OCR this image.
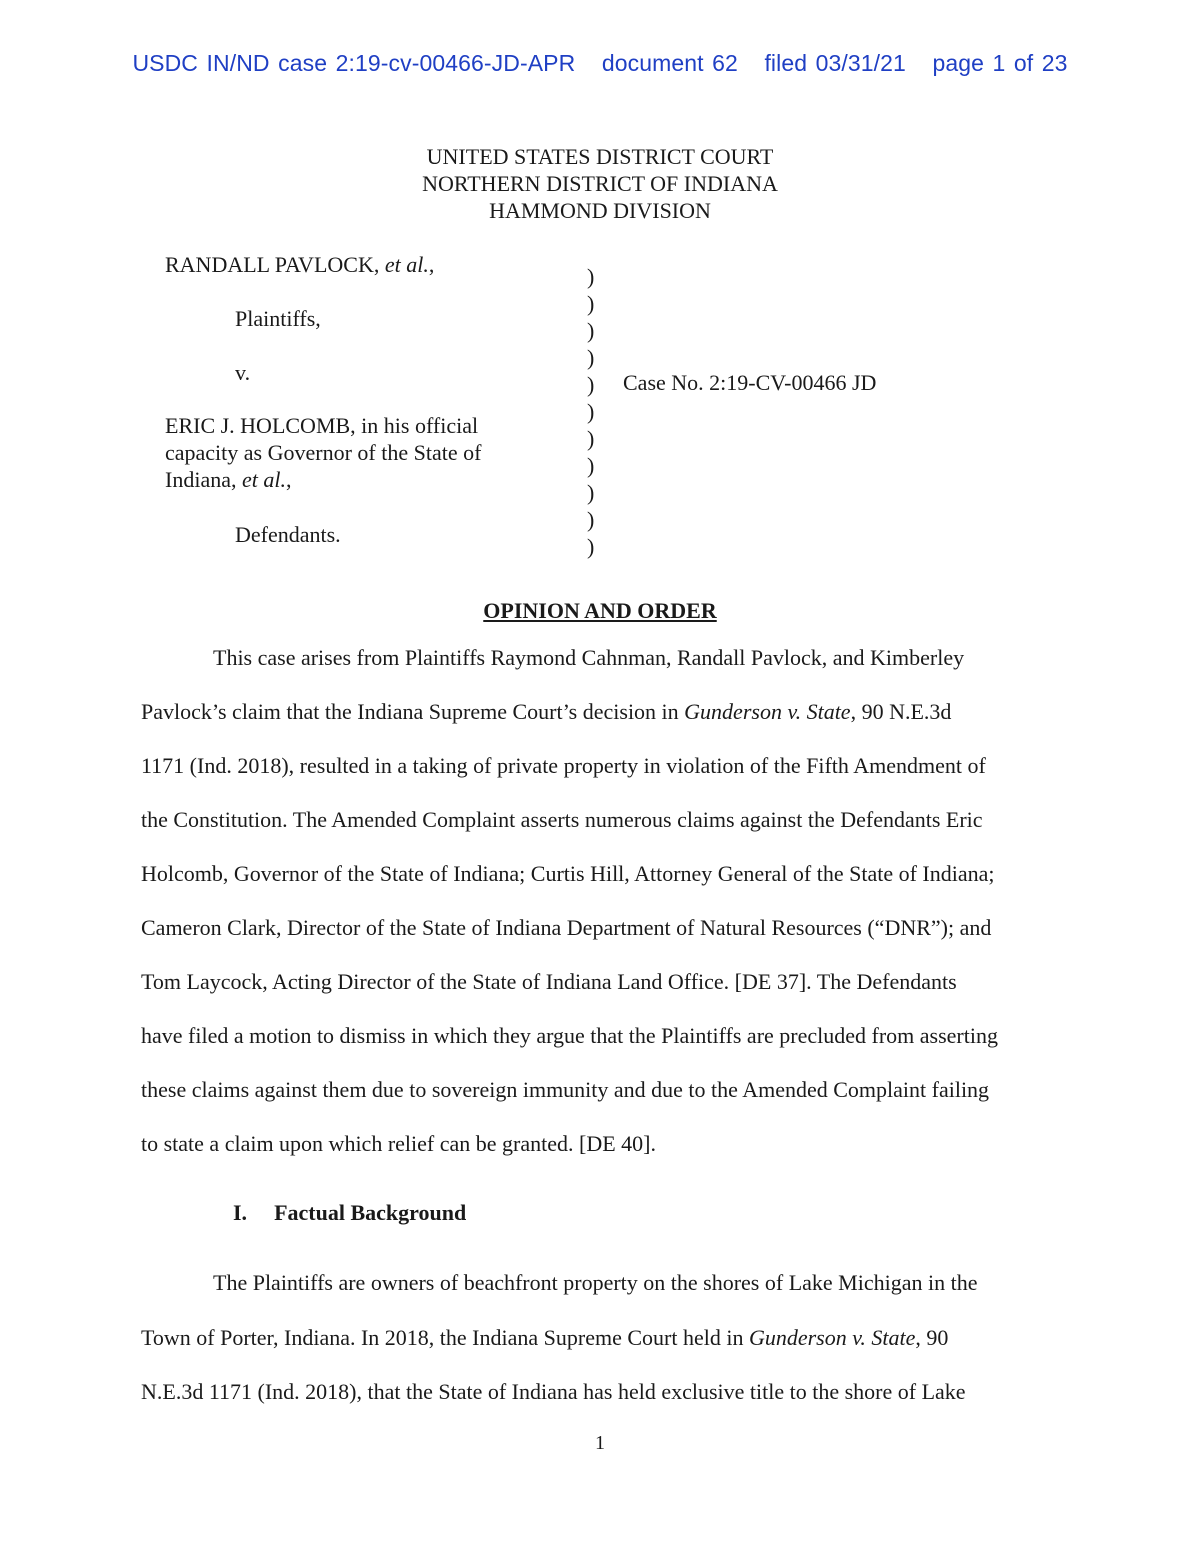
USDC IN/ND case 2:19-cv-00466-JD-APR document 62 filed 03/31/21 page 1 of 23
UNITED STATES DISTRICT COURT
NORTHERN DISTRICT OF INDIANA
HAMMOND DIVISION
RANDALL PAVLOCK, et al.,
Plaintiffs,
v.
ERIC J. HOLCOMB, in his official
capacity as Governor of the State of
Indiana, et al.,
Defendants.
)
)
)
)
)
)
)
)
)
)
)
Case No. 2:19-CV-00466 JD
OPINION AND ORDER
This case arises from Plaintiffs Raymond Cahnman, Randall Pavlock, and Kimberley
Pavlock’s claim that the Indiana Supreme Court’s decision in Gunderson v. State, 90 N.E.3d
1171 (Ind. 2018), resulted in a taking of private property in violation of the Fifth Amendment of
the Constitution. The Amended Complaint asserts numerous claims against the Defendants Eric
Holcomb, Governor of the State of Indiana; Curtis Hill, Attorney General of the State of Indiana;
Cameron Clark, Director of the State of Indiana Department of Natural Resources (“DNR”); and
Tom Laycock, Acting Director of the State of Indiana Land Office. [DE 37]. The Defendants
have filed a motion to dismiss in which they argue that the Plaintiffs are precluded from asserting
these claims against them due to sovereign immunity and due to the Amended Complaint failing
to state a claim upon which relief can be granted. [DE 40].
I. Factual Background
The Plaintiffs are owners of beachfront property on the shores of Lake Michigan in the
Town of Porter, Indiana. In 2018, the Indiana Supreme Court held in Gunderson v. State, 90
N.E.3d 1171 (Ind. 2018), that the State of Indiana has held exclusive title to the shore of Lake
1
